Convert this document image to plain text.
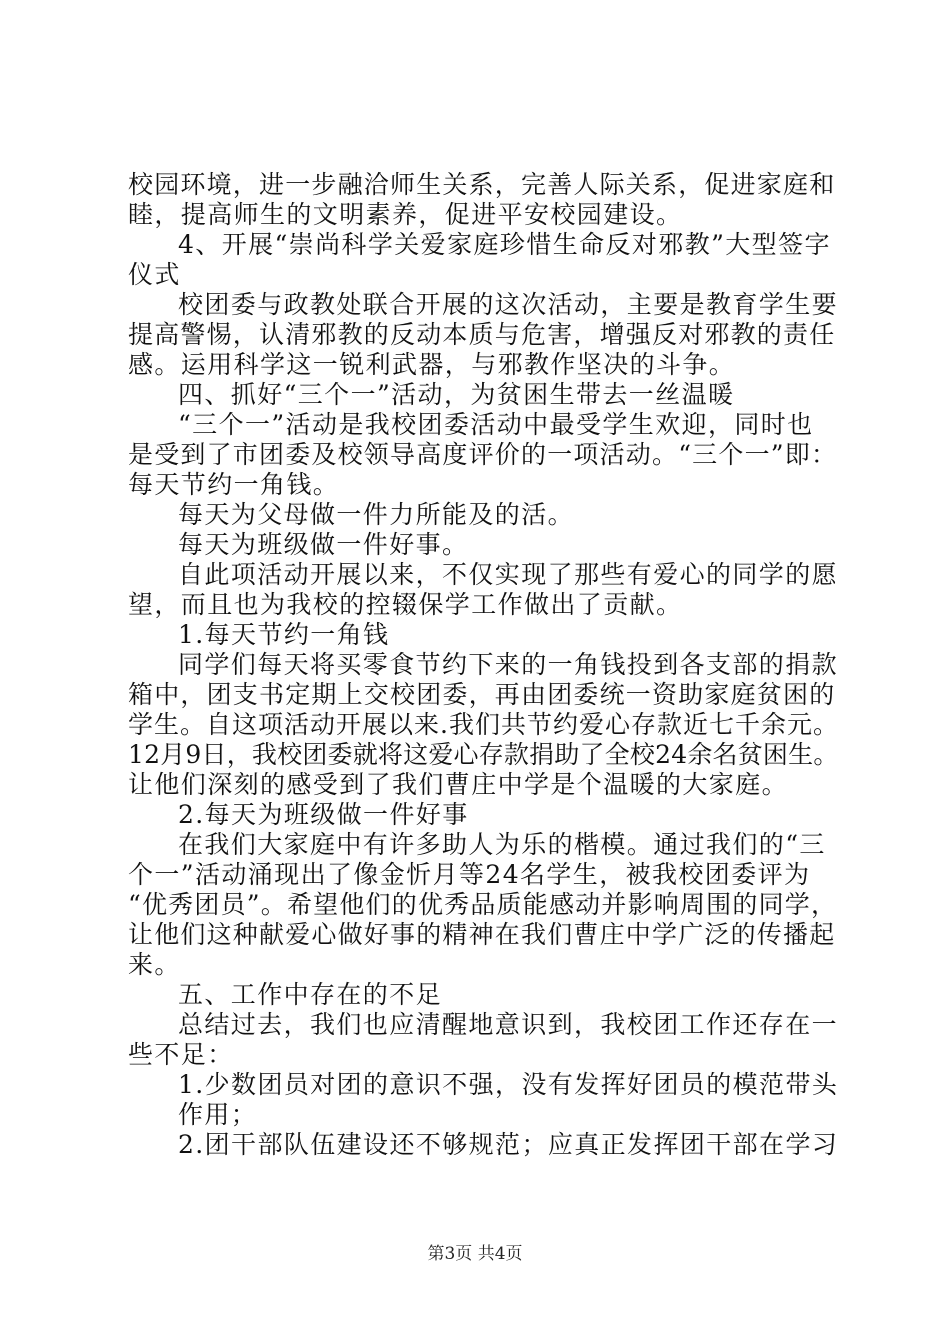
校园环境，进一步融洽师生关系，完善人际关系，促进家庭和
睦，提高师生的文明素养，促进平安校园建设。
4、开展“崇尚科学关爱家庭珍惜生命反对邪教”大型签字
仪式
校团委与政教处联合开展的这次活动，主要是教育学生要
提高警惕，认清邪教的反动本质与危害，增强反对邪教的责任
感。运用科学这一锐利武器，与邪教作坚决的斗争。
四、抓好“三个一”活动，为贫困生带去一丝温暖
“三个一”活动是我校团委活动中最受学生欢迎，同时也
是受到了市团委及校领导高度评价的一项活动。“三个一”即：
每天节约一角钱。
每天为父母做一件力所能及的活。
每天为班级做一件好事。
自此项活动开展以来，不仅实现了那些有爱心的同学的愿
望，而且也为我校的控辍保学工作做出了贡献。
1.每天节约一角钱
同学们每天将买零食节约下来的一角钱投到各支部的捐款
箱中，团支书定期上交校团委，再由团委统一资助家庭贫困的
学生。自这项活动开展以来.我们共节约爱心存款近七千余元。
12月9日，我校团委就将这爱心存款捐助了全校24余名贫困生。
让他们深刻的感受到了我们曹庄中学是个温暖的大家庭。
2.每天为班级做一件好事
在我们大家庭中有许多助人为乐的楷模。通过我们的“三
个一”活动涌现出了像金忻月等24名学生，被我校团委评为
“优秀团员”。希望他们的优秀品质能感动并影响周围的同学，
让他们这种献爱心做好事的精神在我们曹庄中学广泛的传播起
来。
五、工作中存在的不足
总结过去，我们也应清醒地意识到，我校团工作还存在一
些不足：
1.少数团员对团的意识不强，没有发挥好团员的模范带头
作用；
2.团干部队伍建设还不够规范；应真正发挥团干部在学习
第3页 共4页
